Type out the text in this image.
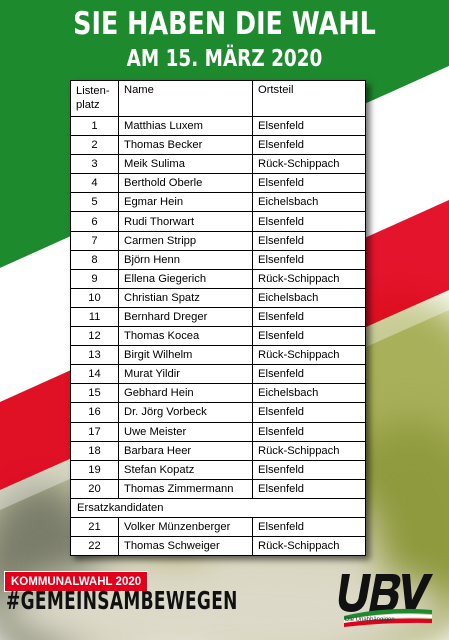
SIE HABEN DIE WAHL
AM 15. MÄRZ 2020
Listen-
platz	Name	Ortsteil
1	Matthias Luxem	Elsenfeld
2	Thomas Becker	Elsenfeld
3	Meik Sulima	Rück-Schippach
4	Berthold Oberle	Elsenfeld
5	Egmar Hein	Eichelsbach
6	Rudi Thorwart	Elsenfeld
7	Carmen Stripp	Elsenfeld
8	Björn Henn	Elsenfeld
9	Ellena Giegerich	Rück-Schippach
10	Christian Spatz	Eichelsbach
11	Bernhard Dreger	Elsenfeld
12	Thomas Kocea	Elsenfeld
13	Birgit Wilhelm	Rück-Schippach
14	Murat Yildir	Elsenfeld
15	Gebhard Hein	Eichelsbach
16	Dr. Jörg Vorbeck	Elsenfeld
17	Uwe Meister	Elsenfeld
18	Barbara Heer	Rück-Schippach
19	Stefan Kopatz	Elsenfeld
20	Thomas Zimmermann	Elsenfeld
Ersatzkandidaten		
21	Volker Münzenberger	Elsenfeld
22	Thomas Schweiger	Rück-Schippach
KOMMUNALWAHL 2020
#GEMEINSAMBEWEGEN
Die Unabhängigen
